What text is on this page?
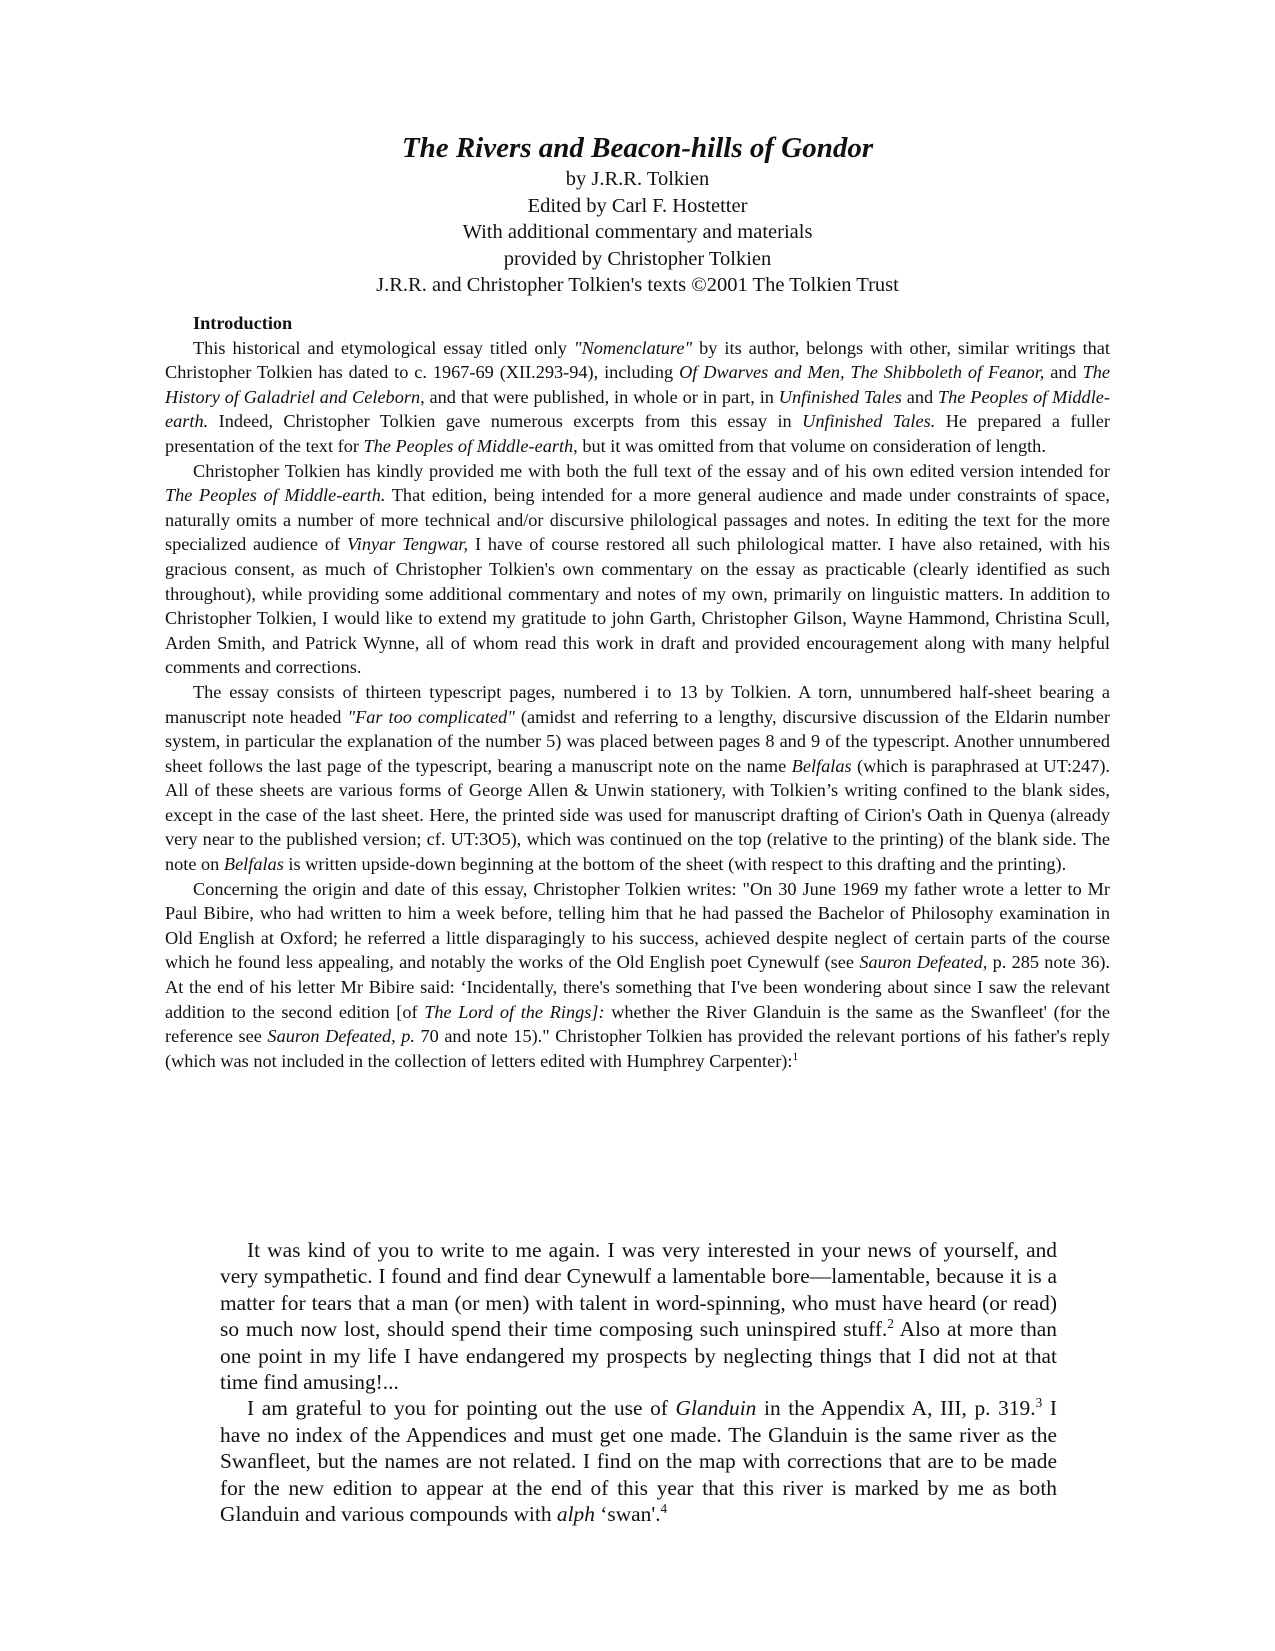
The Rivers and Beacon-hills of Gondor

by J.R.R. Tolkien

Edited by Carl F. Hostetter

With additional commentary and materials

provided by Christopher Tolkien

J.R.R. and Christopher Tolkien's texts ©2001 The Tolkien Trust

Introduction

This historical and etymological essay titled only "Nomenclature" by its author, belongs with other, similar writings that Christopher Tolkien has dated to c. 1967-69 (XII.293-94), including Of Dwarves and Men, The Shibboleth of Feanor, and The History of Galadriel and Celeborn, and that were published, in whole or in part, in Unfinished Tales and The Peoples of Middle-earth. Indeed, Christopher Tolkien gave numerous excerpts from this essay in Unfinished Tales. He prepared a fuller presentation of the text for The Peoples of Middle-earth, but it was omitted from that volume on consideration of length.

Christopher Tolkien has kindly provided me with both the full text of the essay and of his own edited version intended for The Peoples of Middle-earth. That edition, being intended for a more general audience and made under constraints of space, naturally omits a number of more technical and/or discursive philological passages and notes. In editing the text for the more specialized audience of Vinyar Tengwar, I have of course restored all such philological matter. I have also retained, with his gracious consent, as much of Christopher Tolkien's own commentary on the essay as practicable (clearly identified as such throughout), while providing some additional commentary and notes of my own, primarily on linguistic matters. In addition to Christopher Tolkien, I would like to extend my gratitude to john Garth, Christopher Gilson, Wayne Hammond, Christina Scull, Arden Smith, and Patrick Wynne, all of whom read this work in draft and provided encouragement along with many helpful comments and corrections.

The essay consists of thirteen typescript pages, numbered i to 13 by Tolkien. A torn, unnumbered half-sheet bearing a manuscript note headed "Far too complicated" (amidst and referring to a lengthy, discursive discussion of the Eldarin number system, in particular the explanation of the number 5) was placed between pages 8 and 9 of the typescript. Another unnumbered sheet follows the last page of the typescript, bearing a manuscript note on the name Belfalas (which is paraphrased at UT:247). All of these sheets are various forms of George Allen & Unwin stationery, with Tolkien’s writing confined to the blank sides, except in the case of the last sheet. Here, the printed side was used for manuscript drafting of Cirion's Oath in Quenya (already very near to the published version; cf. UT:3O5), which was continued on the top (relative to the printing) of the blank side. The note on Belfalas is written upside-down beginning at the bottom of the sheet (with respect to this drafting and the printing).

Concerning the origin and date of this essay, Christopher Tolkien writes: "On 30 June 1969 my father wrote a letter to Mr Paul Bibire, who had written to him a week before, telling him that he had passed the Bachelor of Philosophy examination in Old English at Oxford; he referred a little disparagingly to his success, achieved despite neglect of certain parts of the course which he found less appealing, and notably the works of the Old English poet Cynewulf (see Sauron Defeated, p. 285 note 36). At the end of his letter Mr Bibire said: ‘Incidentally, there's something that I've been wondering about since I saw the relevant addition to the second edition [of The Lord of the Rings]: whether the River Glanduin is the same as the Swanfleet' (for the reference see Sauron Defeated, p. 70 and note 15)." Christopher Tolkien has provided the relevant portions of his father's reply (which was not included in the collection of letters edited with Humphrey Carpenter):$^1$

It was kind of you to write to me again. I was very interested in your news of yourself, and very sympathetic. I found and find dear Cynewulf a lamentable bore—lamentable, because it is a matter for tears that a man (or men) with talent in word-spinning, who must have heard (or read) so much now lost, should spend their time composing such uninspired stuff.$^2$ Also at more than one point in my life I have endangered my prospects by neglecting things that I did not at that time find amusing!...

I am grateful to you for pointing out the use of Glanduin in the Appendix A, III, p. 319.$^3$ I have no index of the Appendices and must get one made. The Glanduin is the same river as the Swanfleet, but the names are not related. I find on the map with corrections that are to be made for the new edition to appear at the end of this year that this river is marked by me as both Glanduin and various compounds with alph ‘swan'.$^4$
